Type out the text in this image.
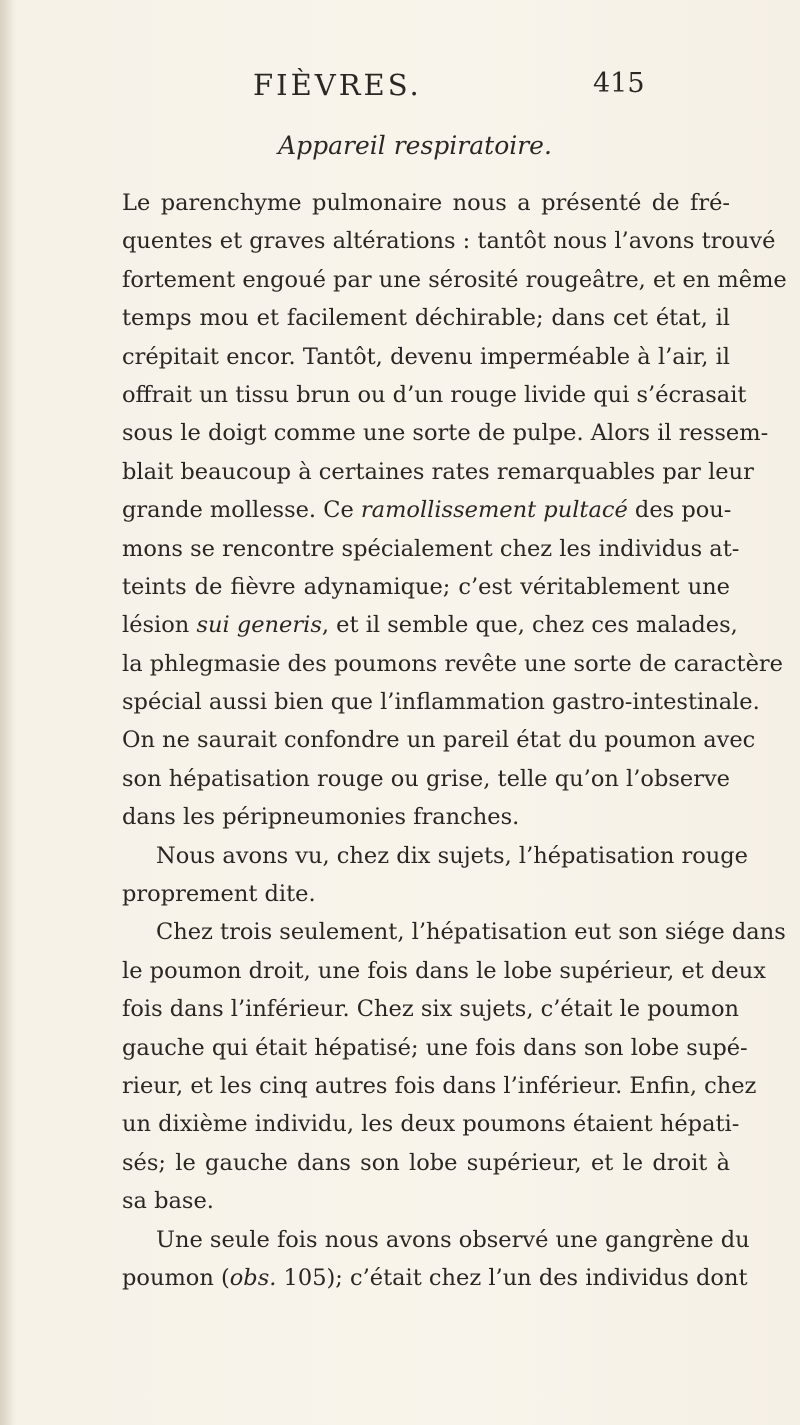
FIÈVRES.	415
Appareil respiratoire.
Le parenchyme pulmonaire nous a présenté de fré-
quentes et graves altérations : tantôt nous l’avons trouvé
fortement engoué par une sérosité rougeâtre, et en même
temps mou et facilement déchirable; dans cet état, il
crépitait encor. Tantôt, devenu imperméable à l’air, il
offrait un tissu brun ou d’un rouge livide qui s’écrasait
sous le doigt comme une sorte de pulpe. Alors il ressem-
blait beaucoup à certaines rates remarquables par leur
grande mollesse. Ce ramollissement pultacé des pou-
mons se rencontre spécialement chez les individus at-
teints de fièvre adynamique; c’est véritablement une
lésion sui generis, et il semble que, chez ces malades,
la phlegmasie des poumons revête une sorte de caractère
spécial aussi bien que l’inflammation gastro-intestinale.
On ne saurait confondre un pareil état du poumon avec
son hépatisation rouge ou grise, telle qu’on l’observe
dans les péripneumonies franches.
Nous avons vu, chez dix sujets, l’hépatisation rouge
proprement dite.
Chez trois seulement, l’hépatisation eut son siége dans
le poumon droit, une fois dans le lobe supérieur, et deux
fois dans l’inférieur. Chez six sujets, c’était le poumon
gauche qui était hépatisé; une fois dans son lobe supé-
rieur, et les cinq autres fois dans l’inférieur. Enfin, chez
un dixième individu, les deux poumons étaient hépati-
sés; le gauche dans son lobe supérieur, et le droit à
sa base.
Une seule fois nous avons observé une gangrène du
poumon (obs. 105); c’était chez l’un des individus dont
